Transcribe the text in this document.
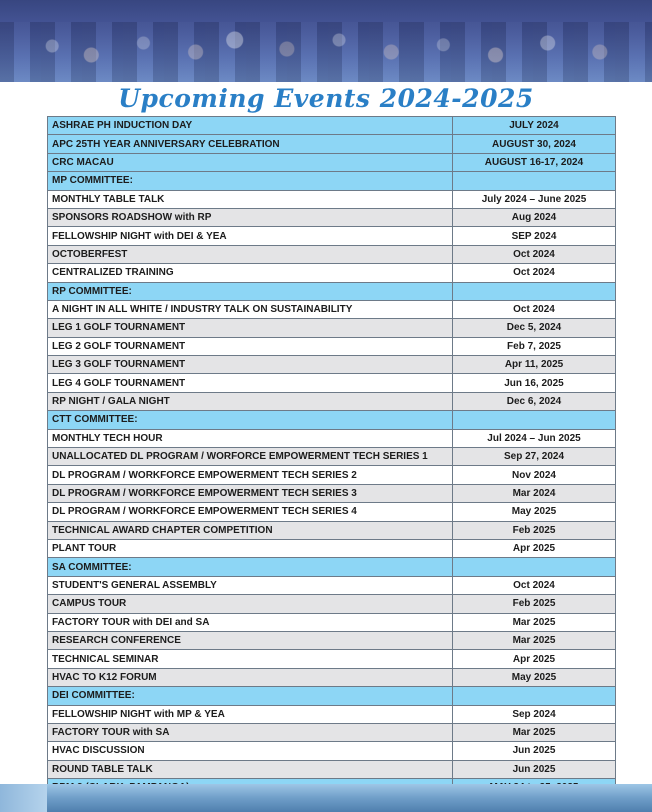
Upcoming Events 2024-2025
ASHRAE PH INDUCTION DAY	JULY 2024
APC 25TH YEAR ANNIVERSARY CELEBRATION	AUGUST 30, 2024
CRC MACAU	AUGUST 16-17, 2024
MP COMMITTEE:	
MONTHLY TABLE TALK	July 2024 – June 2025
SPONSORS ROADSHOW with RP	Aug 2024
FELLOWSHIP NIGHT with DEI & YEA	SEP 2024
OCTOBERFEST	Oct 2024
CENTRALIZED TRAINING	Oct 2024
RP COMMITTEE:	
A NIGHT IN ALL WHITE / INDUSTRY TALK ON SUSTAINABILITY	Oct 2024
LEG 1 GOLF TOURNAMENT	Dec 5, 2024
LEG 2 GOLF TOURNAMENT	Feb 7, 2025
LEG 3 GOLF TOURNAMENT	Apr 11, 2025
LEG 4 GOLF TOURNAMENT	Jun 16, 2025
RP NIGHT / GALA NIGHT	Dec 6, 2024
CTT COMMITTEE:	
MONTHLY TECH HOUR	Jul 2024 – Jun 2025
UNALLOCATED DL PROGRAM / WORFORCE EMPOWERMENT TECH SERIES 1	Sep 27, 2024
DL PROGRAM / WORKFORCE EMPOWERMENT TECH SERIES 2	Nov 2024
DL PROGRAM / WORKFORCE EMPOWERMENT TECH SERIES 3	Mar 2024
DL PROGRAM / WORKFORCE EMPOWERMENT TECH SERIES 4	May 2025
TECHNICAL AWARD CHAPTER COMPETITION	Feb 2025
PLANT TOUR	Apr 2025
SA COMMITTEE:	
STUDENT'S GENERAL ASSEMBLY	Oct 2024
CAMPUS TOUR	Feb 2025
FACTORY TOUR with DEI and SA	Mar 2025
RESEARCH CONFERENCE	Mar 2025
TECHNICAL SEMINAR	Apr 2025
HVAC TO K12 FORUM	May 2025
DEI COMMITTEE:	
FELLOWSHIP NIGHT with MP & YEA	Sep 2024
FACTORY TOUR with SA	Mar 2025
HVAC DISCUSSION	Jun 2025
ROUND TABLE TALK	Jun 2025
